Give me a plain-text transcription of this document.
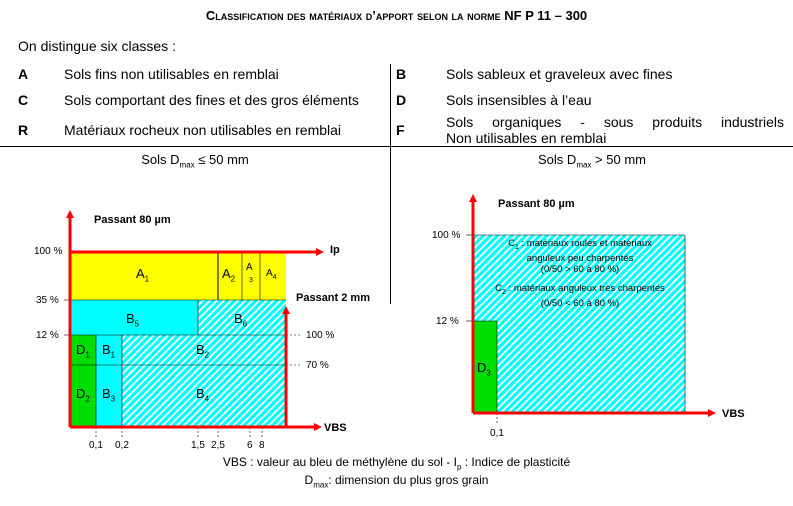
Classification des matériaux d’apport selon la norme NF P 11 – 300
On distingue six classes :
A	Sols fins non utilisables en remblai	B	Sols sableux et graveleux avec fines
C	Sols comportant des fines et des gros éléments	D	Sols insensibles à l’eau
R	Matériaux rocheux non utilisables en remblai	F	Sols organiques - sous produits industriels
Non utilisables en remblai
Sols $D_{max} \le 50$ mm	Sols $D_{max} > 50$ mm
Passant 80 µm
Ip
Passant 2 mm
VBS
100 %
35 %
12 %	100 %
70 %
0,1 0,2	1,5 2,5 6 8
$A_1$	$A_2$
A
3
$A_4$
$B_5$	$B_6$
$D_1$ $B_1$	$B_2$
$D_2$ $B_3$	$B_4$
Passant 80 µm
VBS
100 %
12 %
0,1
$C_1$ : matériaux roulés et matériaux
anguleux peu charpentés
(0/50 > 60 à 80 %)
$C_2$ : matériaux anguleux très charpentés
(0/50 < 60 à 80 %)
$D_3$
VBS : valeur au bleu de méthylène du sol - $I_p$ : Indice de plasticité
$D_{max}$: dimension du plus gros grain
